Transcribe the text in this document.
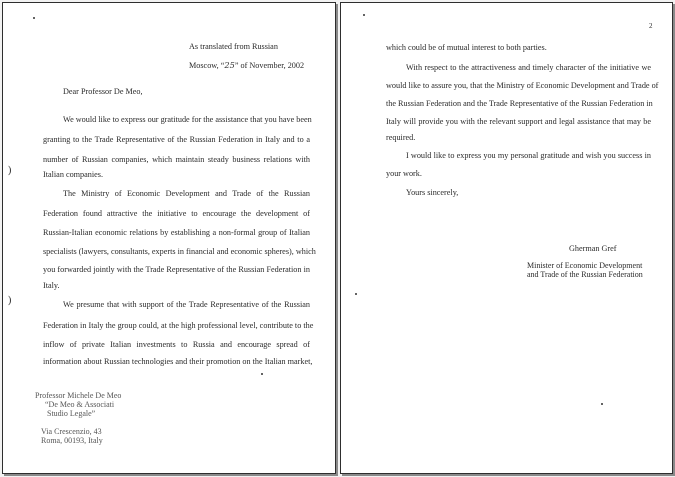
)
)
As translated from Russian
Moscow, “25” of November, 2002
Dear Professor De Meo,
We would like to express our gratitude for the assistance that you have been
granting to the Trade Representative of the Russian Federation in Italy and to a
number of Russian companies, which maintain steady business relations with
Italian companies.
The Ministry of Economic Development and Trade of the Russian
Federation found attractive the initiative to encourage the development of
Russian-Italian economic relations by establishing a non-formal group of Italian
specialists (lawyers, consultants, experts in financial and economic spheres), which
you forwarded jointly with the Trade Representative of the Russian Federation in
Italy.
We presume that with support of the Trade Representative of the Russian
Federation in Italy the group could, at the high professional level, contribute to the
inflow of private Italian investments to Russia and encourage spread of
information about Russian technologies and their promotion on the Italian market,
Professor Michele De Meo
“De Meo & Associati
Studio Legale”
Via Crescenzio, 43
Roma, 00193, Italy
2
which could be of mutual interest to both parties.
With respect to the attractiveness and timely character of the initiative we
would like to assure you, that the Ministry of Economic Development and Trade of
the Russian Federation and the Trade Representative of the Russian Federation in
Italy will provide you with the relevant support and legal assistance that may be
required.
I would like to express you my personal gratitude and wish you success in
your work.
Yours sincerely,
Gherman Gref
Minister of Economic Development
and Trade of the Russian Federation
